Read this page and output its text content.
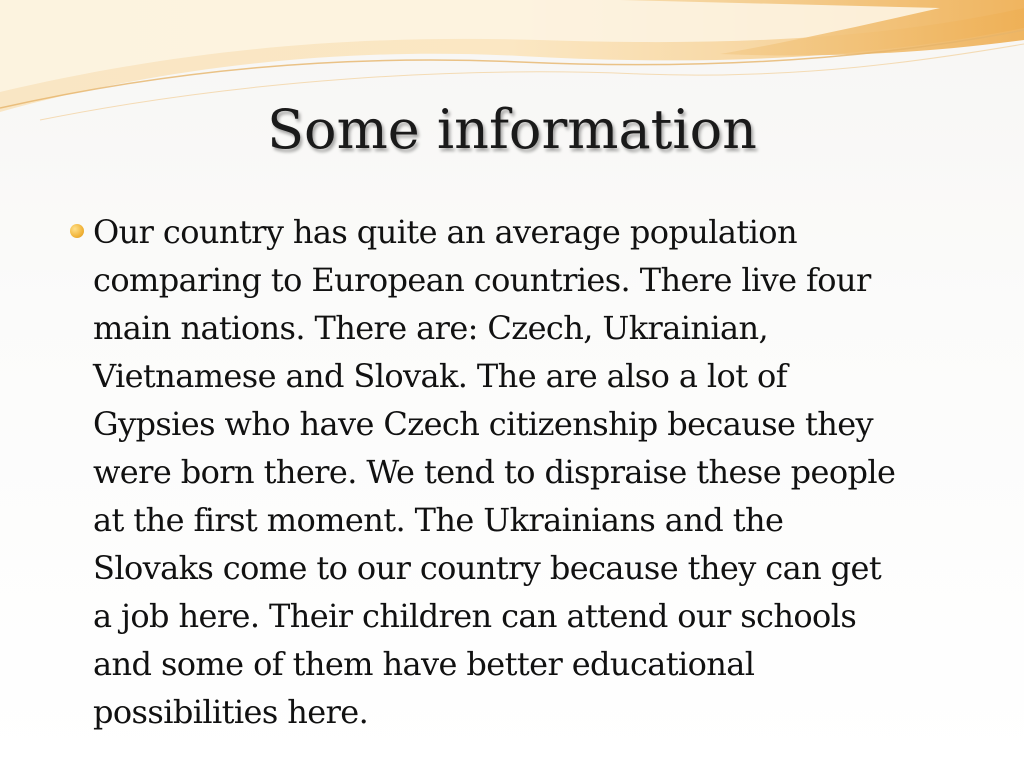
Some information
Our country has quite an average population
comparing to European countries. There live four
main nations. There are: Czech, Ukrainian,
Vietnamese and Slovak. The are also a lot of
Gypsies who have Czech citizenship because they
were born there. We tend to dispraise these people
at the first moment. The Ukrainians and the
Slovaks come to our country because they can get
a job here. Their children can attend our schools
and some of them have better educational
possibilities here.
